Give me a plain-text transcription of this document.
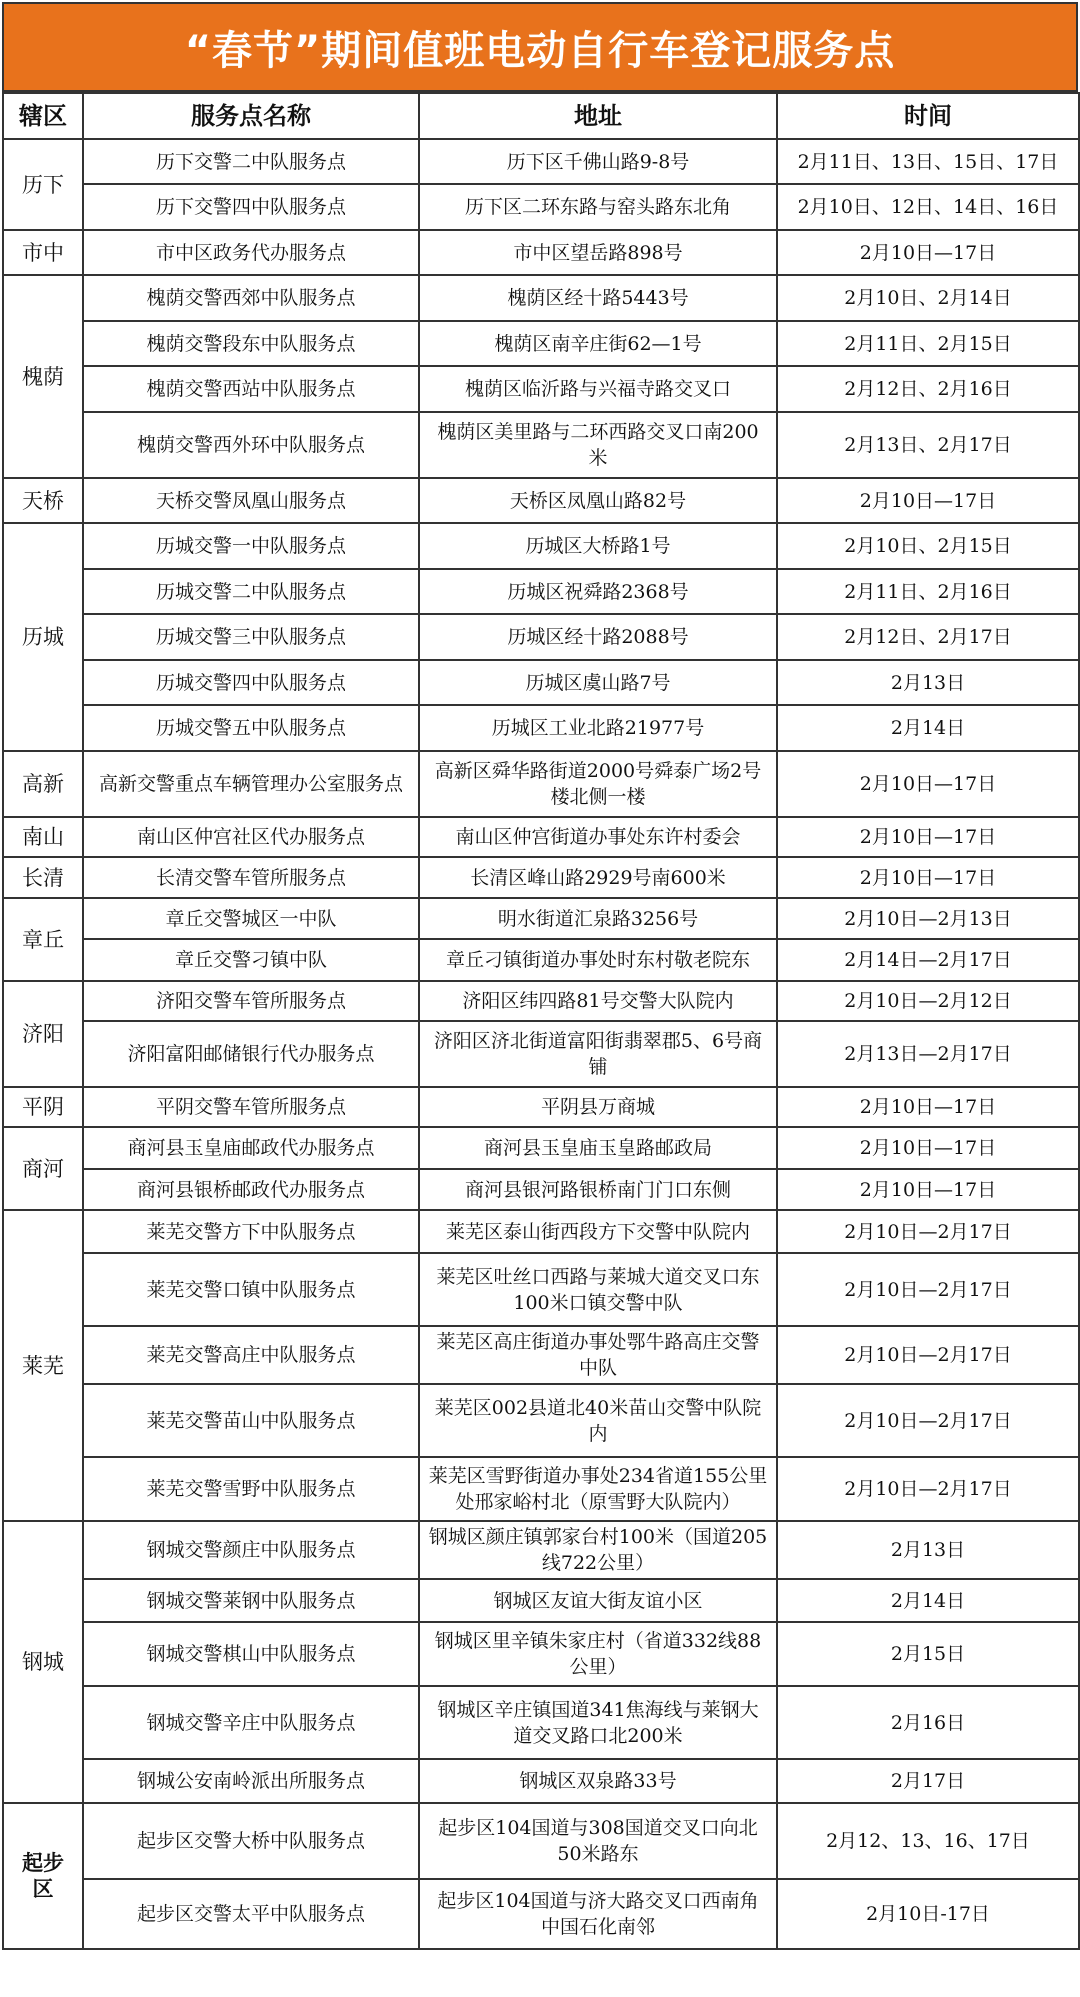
“春节”期间值班电动自行车登记服务点
辖区	服务点名称	地址	时间
历下	历下交警二中队服务点	历下区千佛山路9-8号	2月11日、13日、15日、17日
	历下交警四中队服务点	历下区二环东路与窑头路东北角	2月10日、12日、14日、16日
市中	市中区政务代办服务点	市中区望岳路898号	2月10日—17日
槐荫	槐荫交警西郊中队服务点	槐荫区经十路5443号	2月10日、2月14日
	槐荫交警段东中队服务点	槐荫区南辛庄街62—1号	2月11日、2月15日
	槐荫交警西站中队服务点	槐荫区临沂路与兴福寺路交叉口	2月12日、2月16日
	槐荫交警西外环中队服务点	槐荫区美里路与二环西路交叉口南200米	2月13日、2月17日
天桥	天桥交警凤凰山服务点	天桥区凤凰山路82号	2月10日—17日
历城	历城交警一中队服务点	历城区大桥路1号	2月10日、2月15日
	历城交警二中队服务点	历城区祝舜路2368号	2月11日、2月16日
	历城交警三中队服务点	历城区经十路2088号	2月12日、2月17日
	历城交警四中队服务点	历城区虞山路7号	2月13日
	历城交警五中队服务点	历城区工业北路21977号	2月14日
高新	高新交警重点车辆管理办公室服务点	高新区舜华路街道2000号舜泰广场2号楼北侧一楼	2月10日—17日
南山	南山区仲宫社区代办服务点	南山区仲宫街道办事处东许村委会	2月10日—17日
长清	长清交警车管所服务点	长清区峰山路2929号南600米	2月10日—17日
章丘	章丘交警城区一中队	明水街道汇泉路3256号	2月10日—2月13日
	章丘交警刁镇中队	章丘刁镇街道办事处时东村敬老院东	2月14日—2月17日
济阳	济阳交警车管所服务点	济阳区纬四路81号交警大队院内	2月10日—2月12日
	济阳富阳邮储银行代办服务点	济阳区济北街道富阳街翡翠郡5、6号商铺	2月13日—2月17日
平阴	平阴交警车管所服务点	平阴县万商城	2月10日—17日
商河	商河县玉皇庙邮政代办服务点	商河县玉皇庙玉皇路邮政局	2月10日—17日
	商河县银桥邮政代办服务点	商河县银河路银桥南门门口东侧	2月10日—17日
莱芜	莱芜交警方下中队服务点	莱芜区泰山街西段方下交警中队院内	2月10日—2月17日
	莱芜交警口镇中队服务点	莱芜区吐丝口西路与莱城大道交叉口东100米口镇交警中队	2月10日—2月17日
	莱芜交警高庄中队服务点	莱芜区高庄街道办事处鄂牛路高庄交警中队	2月10日—2月17日
	莱芜交警苗山中队服务点	莱芜区002县道北40米苗山交警中队院内	2月10日—2月17日
	莱芜交警雪野中队服务点	莱芜区雪野街道办事处234省道155公里处邢家峪村北（原雪野大队院内）	2月10日—2月17日
钢城	钢城交警颜庄中队服务点	钢城区颜庄镇郭家台村100米（国道205线722公里）	2月13日
	钢城交警莱钢中队服务点	钢城区友谊大街友谊小区	2月14日
	钢城交警棋山中队服务点	钢城区里辛镇朱家庄村（省道332线88公里）	2月15日
	钢城交警辛庄中队服务点	钢城区辛庄镇国道341焦海线与莱钢大道交叉路口北200米	2月16日
	钢城公安南岭派出所服务点	钢城区双泉路33号	2月17日
起步区	起步区交警大桥中队服务点	起步区104国道与308国道交叉口向北50米路东	2月12、13、16、17日
	起步区交警太平中队服务点	起步区104国道与济大路交叉口西南角中国石化南邻	2月10日-17日
